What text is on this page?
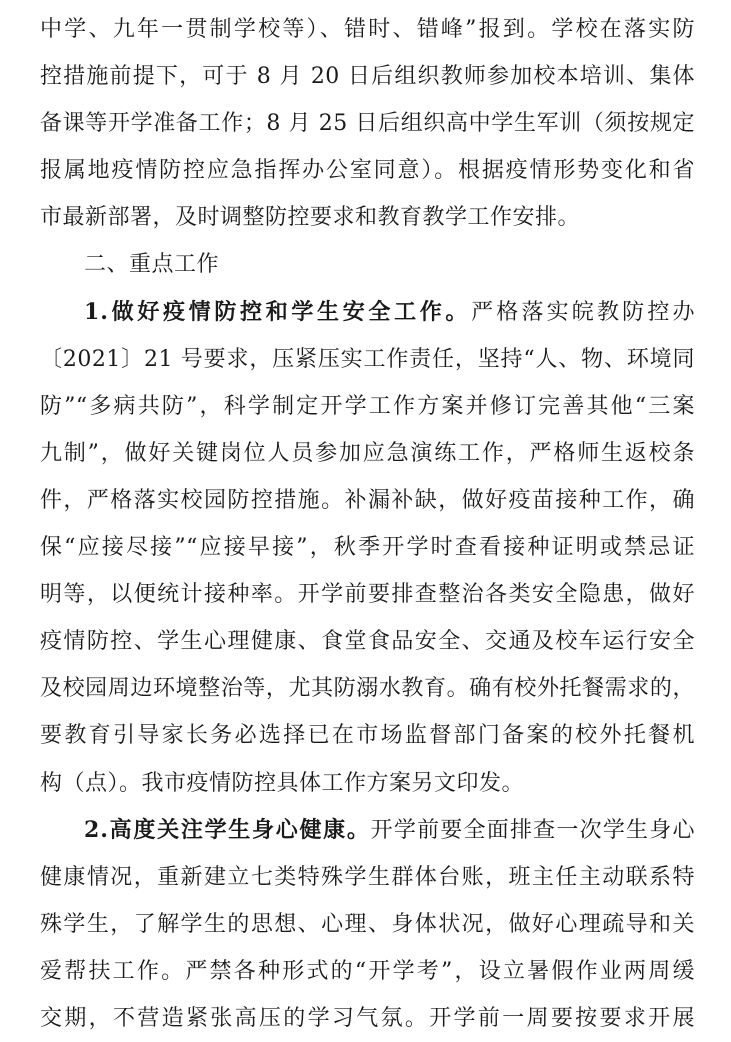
中学、九年一贯制学校等）、错时、错峰”报到。学校在落实防
控措施前提下，可于 8 月 20 日后组织教师参加校本培训、集体
备课等开学准备工作；8 月 25 日后组织高中学生军训（须按规定
报属地疫情防控应急指挥办公室同意）。根据疫情形势变化和省
市最新部署，及时调整防控要求和教育教学工作安排。
二、重点工作
1.做好疫情防控和学生安全工作。严格落实皖教防控办
〔2021〕21 号要求，压紧压实工作责任，坚持“人、物、环境同
防”“多病共防”，科学制定开学工作方案并修订完善其他“三案
九制”，做好关键岗位人员参加应急演练工作，严格师生返校条
件，严格落实校园防控措施。补漏补缺，做好疫苗接种工作，确
保“应接尽接”“应接早接”，秋季开学时查看接种证明或禁忌证
明等，以便统计接种率。开学前要排查整治各类安全隐患，做好
疫情防控、学生心理健康、食堂食品安全、交通及校车运行安全
及校园周边环境整治等，尤其防溺水教育。确有校外托餐需求的，
要教育引导家长务必选择已在市场监督部门备案的校外托餐机
构（点）。我市疫情防控具体工作方案另文印发。
2.高度关注学生身心健康。开学前要全面排查一次学生身心
健康情况，重新建立七类特殊学生群体台账，班主任主动联系特
殊学生，了解学生的思想、心理、身体状况，做好心理疏导和关
爱帮扶工作。严禁各种形式的“开学考”，设立暑假作业两周缓
交期，不营造紧张高压的学习气氛。开学前一周要按要求开展
